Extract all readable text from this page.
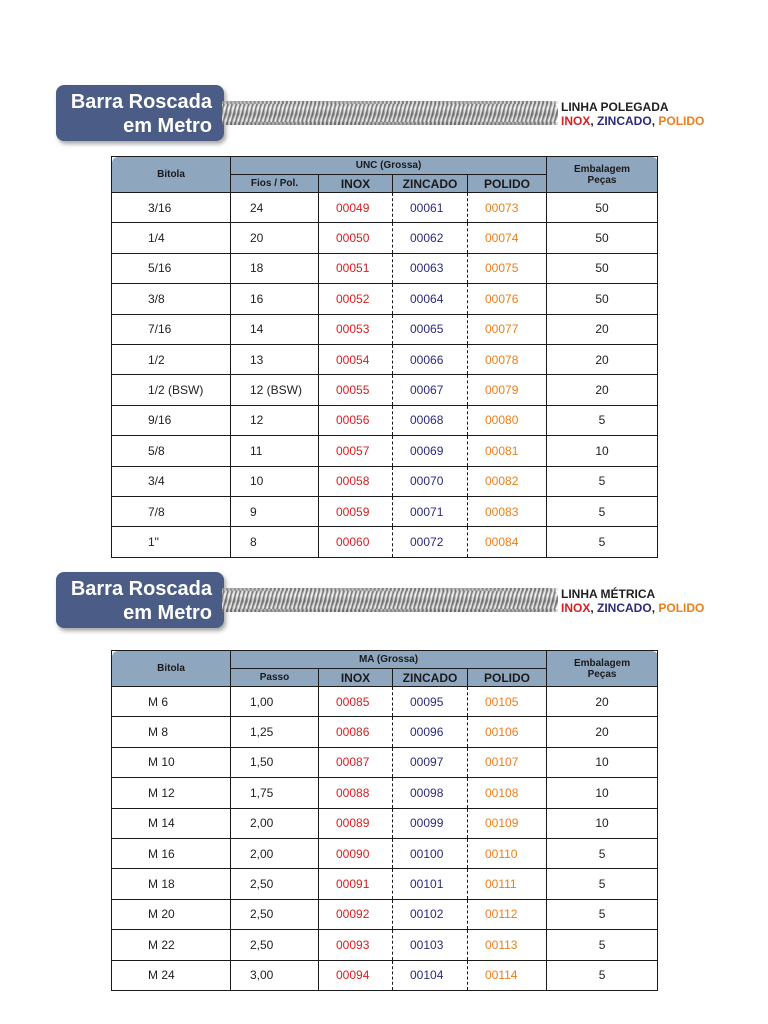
Barra Roscada
em Metro
LINHA POLEGADA
INOX, ZINCADO, POLIDO
Bitola	UNC (Grossa)				Embalagem
Peças

	Fios / Pol.	INOX	ZINCADO	POLIDO	
3/16	24	00049	00061	00073	50
1/4	20	00050	00062	00074	50
5/16	18	00051	00063	00075	50
3/8	16	00052	00064	00076	50
7/16	14	00053	00065	00077	20
1/2	13	00054	00066	00078	20
1/2 (BSW)	12 (BSW)	00055	00067	00079	20
9/16	12	00056	00068	00080	5
5/8	11	00057	00069	00081	10
3/4	10	00058	00070	00082	5
7/8	9	00059	00071	00083	5
1"	8	00060	00072	00084	5
Barra Roscada
em Metro
LINHA MÉTRICA
INOX, ZINCADO, POLIDO
Bitola	MA (Grossa)				Embalagem
Peças

	Passo	INOX	ZINCADO	POLIDO	
M 6	1,00	00085	00095	00105	20
M 8	1,25	00086	00096	00106	20
M 10	1,50	00087	00097	00107	10
M 12	1,75	00088	00098	00108	10
M 14	2,00	00089	00099	00109	10
M 16	2,00	00090	00100	00110	5
M 18	2,50	00091	00101	00111	5
M 20	2,50	00092	00102	00112	5
M 22	2,50	00093	00103	00113	5
M 24	3,00	00094	00104	00114	5
